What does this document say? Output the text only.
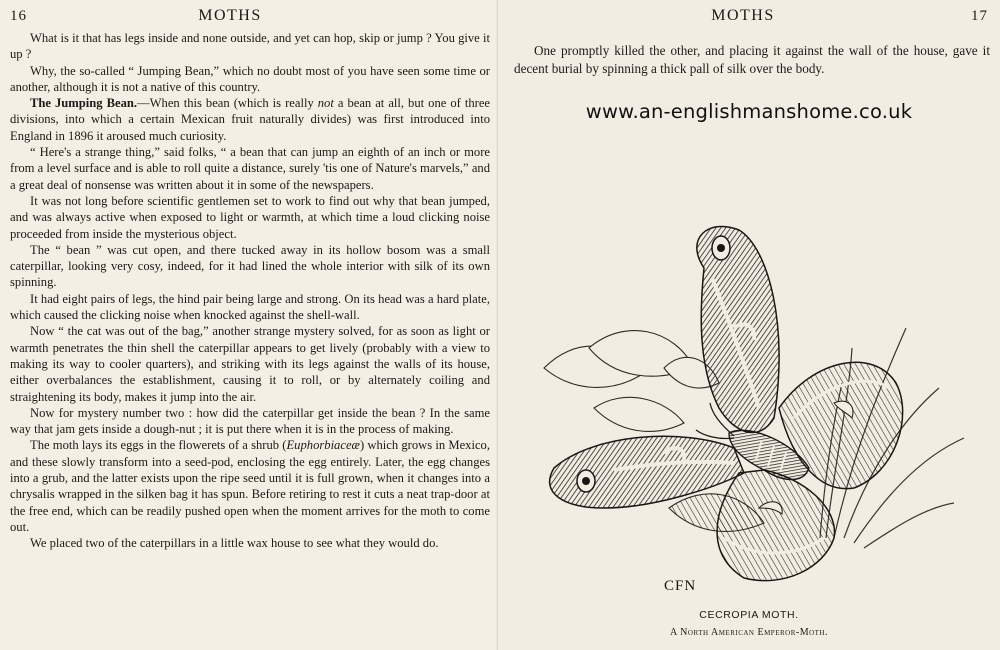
16	MOTHS

What is it that has legs inside and none outside, and yet can hop, skip or jump ? You give it up ?

Why, the so-called “ Jumping Bean,” which no doubt most of you have seen some time or another, although it is not a native of this country.

The Jumping Bean.—When this bean (which is really not a bean at all, but one of three divisions, into which a certain Mexican fruit naturally divides) was first introduced into England in 1896 it aroused much curiosity.

“ Here's a strange thing,” said folks, “ a bean that can jump an eighth of an inch or more from a level surface and is able to roll quite a distance, surely 'tis one of Nature's marvels,” and a great deal of nonsense was written about it in some of the newspapers.

It was not long before scientific gentlemen set to work to find out why that bean jumped, and was always active when exposed to light or warmth, at which time a loud clicking noise proceeded from inside the mysterious object.

The “ bean ” was cut open, and there tucked away in its hollow bosom was a small caterpillar, looking very cosy, indeed, for it had lined the whole interior with silk of its own spinning.

It had eight pairs of legs, the hind pair being large and strong. On its head was a hard plate, which caused the clicking noise when knocked against the shell-wall.

Now “ the cat was out of the bag,” another strange mystery solved, for as soon as light or warmth penetrates the thin shell the caterpillar appears to get lively (probably with a view to making its way to cooler quarters), and striking with its legs against the walls of its house, either overbalances the establishment, causing it to roll, or by alternately coiling and straightening its body, makes it jump into the air.

Now for mystery number two : how did the caterpillar get inside the bean ? In the same way that jam gets inside a dough-nut ; it is put there when it is in the process of making.

The moth lays its eggs in the flowerets of a shrub (Euphorbiaceæ) which grows in Mexico, and these slowly transform into a seed-pod, enclosing the egg entirely. Later, the egg changes into a grub, and the latter exists upon the ripe seed until it is full grown, when it changes into a chrysalis wrapped in the silken bag it has spun. Before retiring to rest it cuts a neat trap-door at the free end, which can be readily pushed open when the moment arrives for the moth to come out.

We placed two of the caterpillars in a little wax house to see what they would do.

MOTHS	17

One promptly killed the other, and placing it against the wall of the house, gave it decent burial by spinning a thick pall of silk over the body.

www.an-englishmanshome.co.uk
CFN
CECROPIA MOTH.
A North American Emperor-Moth.
